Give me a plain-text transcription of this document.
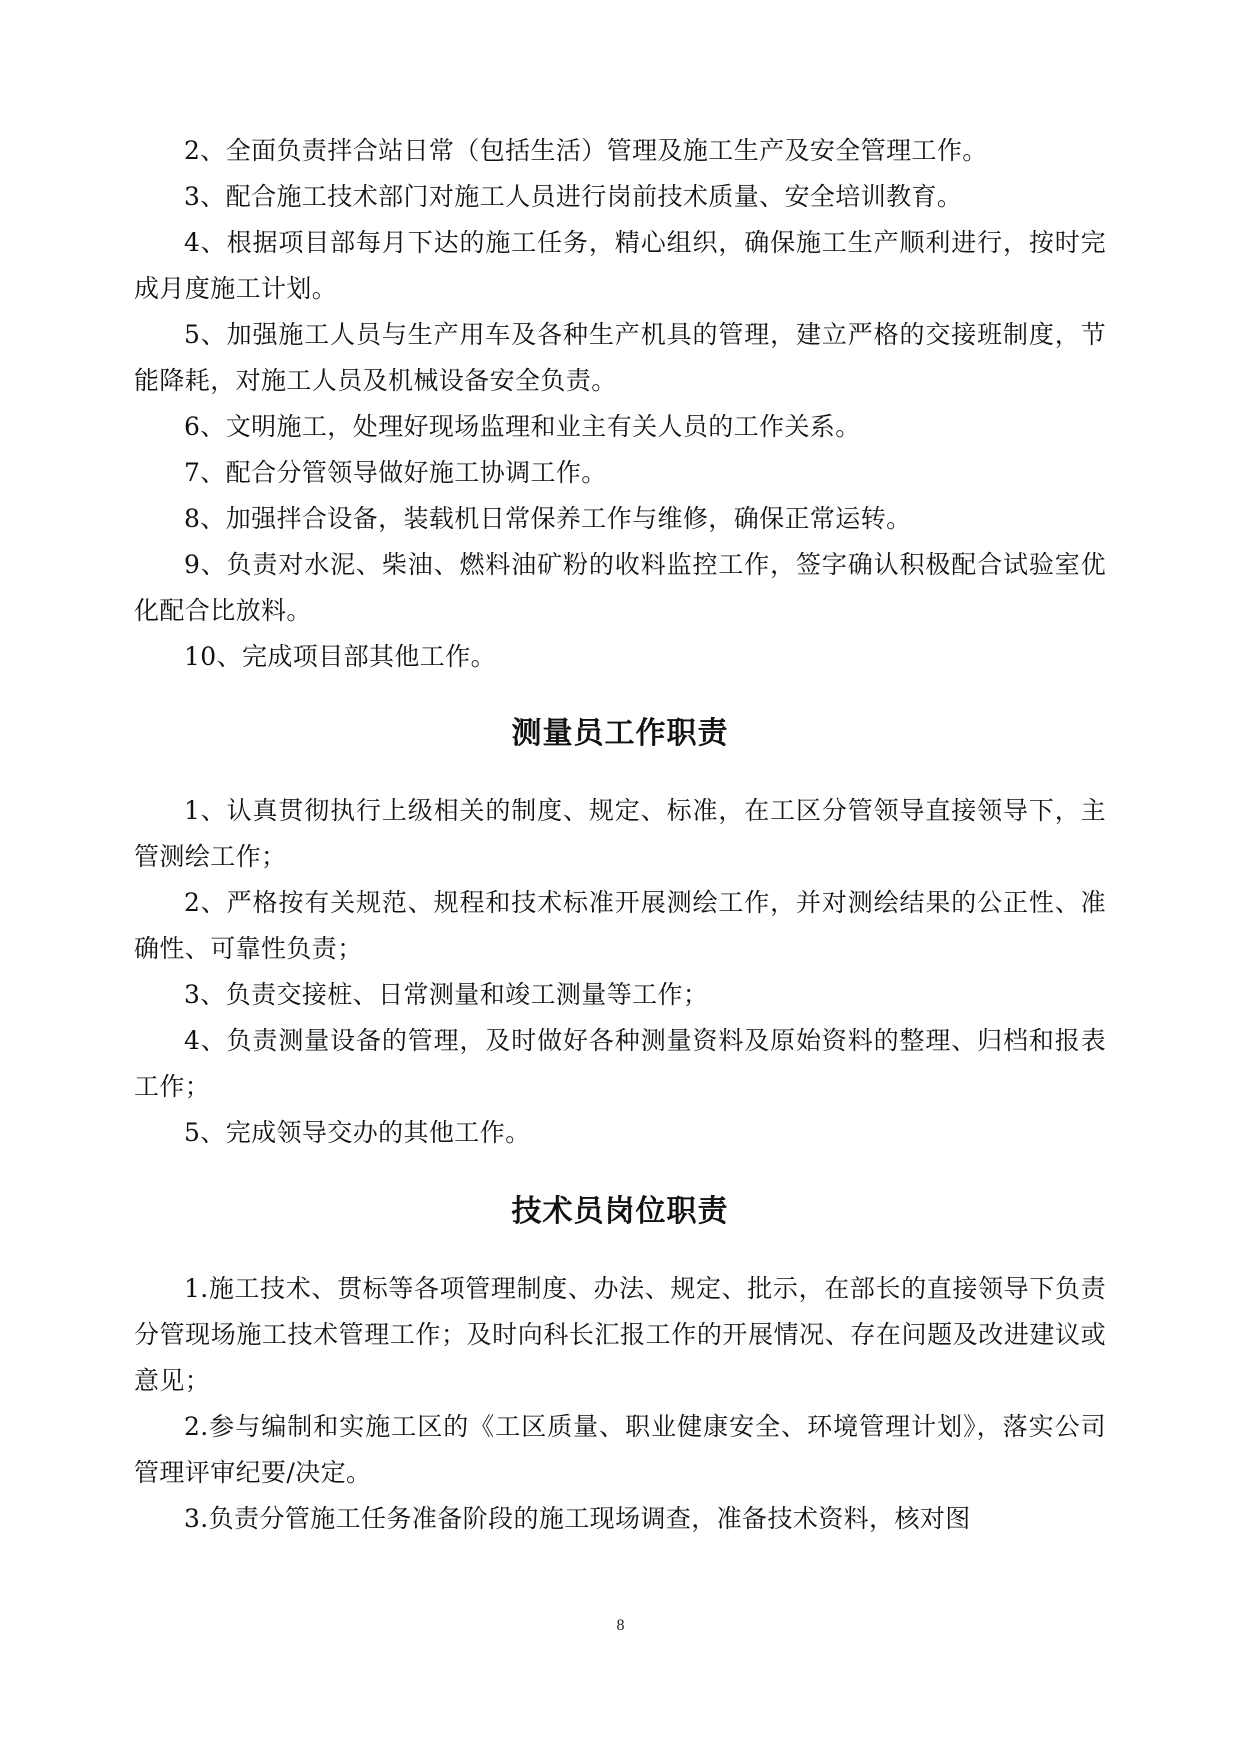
2、全面负责拌合站日常（包括生活）管理及施工生产及安全管理工作。

3、配合施工技术部门对施工人员进行岗前技术质量、安全培训教育。

4、根据项目部每月下达的施工任务，精心组织，确保施工生产顺利进行，按时完成月度施工计划。

5、加强施工人员与生产用车及各种生产机具的管理，建立严格的交接班制度，节能降耗，对施工人员及机械设备安全负责。

6、文明施工，处理好现场监理和业主有关人员的工作关系。

7、配合分管领导做好施工协调工作。

8、加强拌合设备，装载机日常保养工作与维修，确保正常运转。

9、负责对水泥、柴油、燃料油矿粉的收料监控工作，签字确认积极配合试验室优化配合比放料。

10、完成项目部其他工作。

测量员工作职责

1、认真贯彻执行上级相关的制度、规定、标准，在工区分管领导直接领导下，主管测绘工作；

2、严格按有关规范、规程和技术标准开展测绘工作，并对测绘结果的公正性、准确性、可靠性负责；

3、负责交接桩、日常测量和竣工测量等工作；

4、负责测量设备的管理，及时做好各种测量资料及原始资料的整理、归档和报表工作；

5、完成领导交办的其他工作。

技术员岗位职责

1.施工技术、贯标等各项管理制度、办法、规定、批示，在部长的直接领导下负责分管现场施工技术管理工作；及时向科长汇报工作的开展情况、存在问题及改进建议或意见；

2.参与编制和实施工区的《工区质量、职业健康安全、环境管理计划》，落实公司管理评审纪要/决定。

3.负责分管施工任务准备阶段的施工现场调查，准备技术资料，核对图

8
